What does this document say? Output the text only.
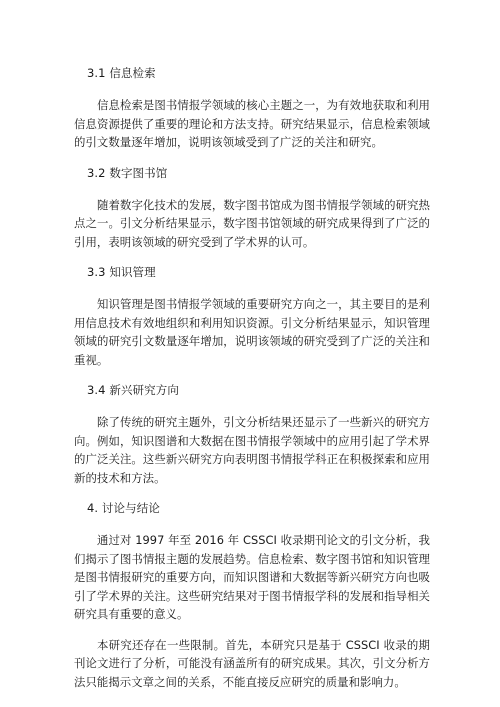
3.1 信息检索

信息检索是图书情报学领域的核心主题之一，为有效地获取和利用信息资源提供了重要的理论和方法支持。研究结果显示，信息检索领域的引文数量逐年增加，说明该领域受到了广泛的关注和研究。

3.2 数字图书馆

随着数字化技术的发展，数字图书馆成为图书情报学领域的研究热点之一。引文分析结果显示，数字图书馆领域的研究成果得到了广泛的引用，表明该领域的研究受到了学术界的认可。

3.3 知识管理

知识管理是图书情报学领域的重要研究方向之一，其主要目的是利用信息技术有效地组织和利用知识资源。引文分析结果显示，知识管理领域的研究引文数量逐年增加，说明该领域的研究受到了广泛的关注和重视。

3.4 新兴研究方向

除了传统的研究主题外，引文分析结果还显示了一些新兴的研究方向。例如，知识图谱和大数据在图书情报学领域中的应用引起了学术界的广泛关注。这些新兴研究方向表明图书情报学科正在积极探索和应用新的技术和方法。

4. 讨论与结论

通过对 1997 年至 2016 年 CSSCI 收录期刊论文的引文分析，我们揭示了图书情报主题的发展趋势。信息检索、数字图书馆和知识管理是图书情报研究的重要方向，而知识图谱和大数据等新兴研究方向也吸引了学术界的关注。这些研究结果对于图书情报学科的发展和指导相关研究具有重要的意义。

本研究还存在一些限制。首先，本研究只是基于 CSSCI 收录的期刊论文进行了分析，可能没有涵盖所有的研究成果。其次，引文分析方法只能揭示文章之间的关系，不能直接反应研究的质量和影响力。
